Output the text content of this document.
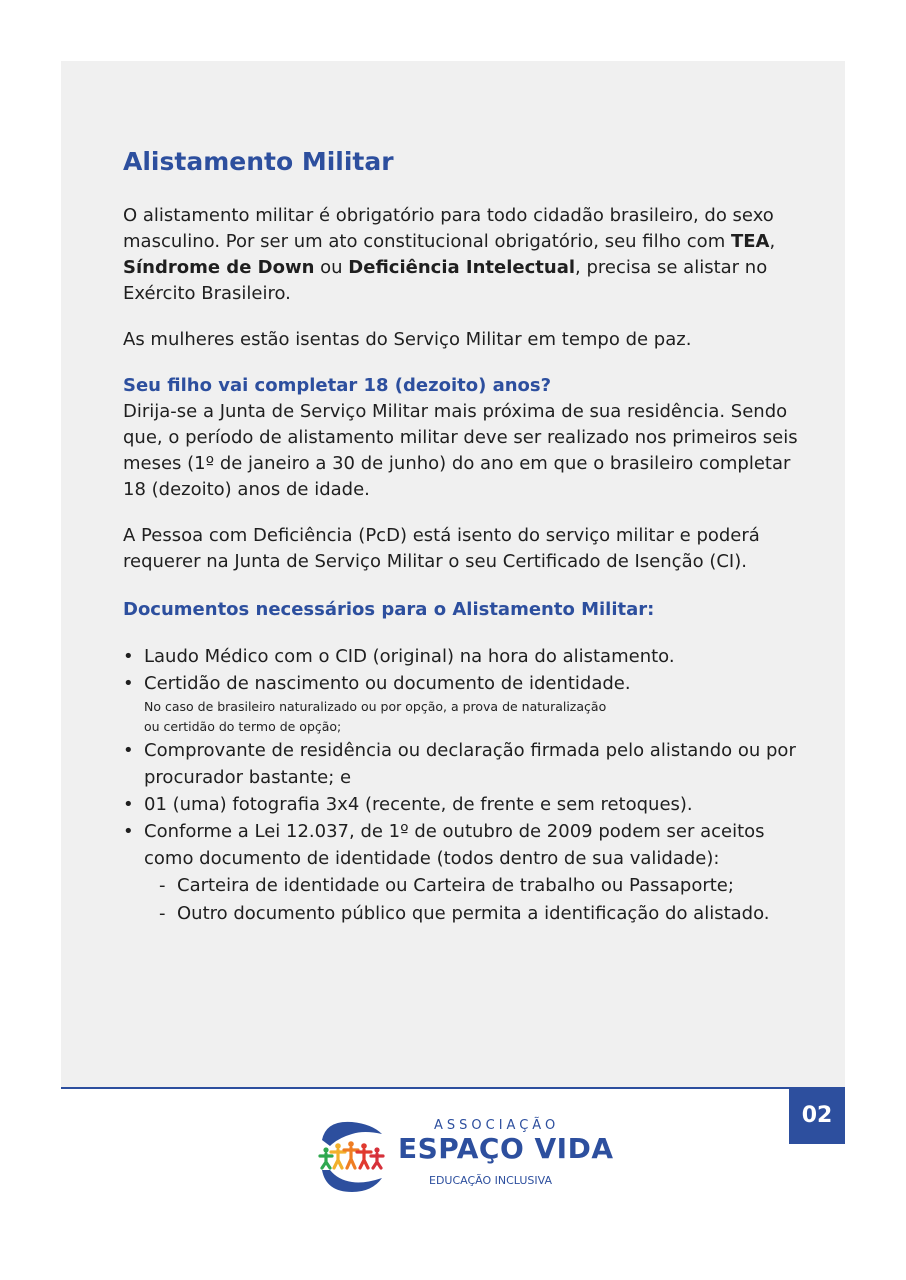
Alistamento Militar

O alistamento militar é obrigatório para todo cidadão brasileiro, do sexo masculino. Por ser um ato constitucional obrigatório, seu filho com TEA, Síndrome de Down ou Deficiência Intelectual, precisa se alistar no Exército Brasileiro.

As mulheres estão isentas do Serviço Militar em tempo de paz.

Seu filho vai completar 18 (dezoito) anos?

Dirija-se a Junta de Serviço Militar mais próxima de sua residência. Sendo que, o período de alistamento militar deve ser realizado nos primeiros seis meses (1º de janeiro a 30 de junho) do ano em que o brasileiro completar 18 (dezoito) anos de idade.

A Pessoa com Deficiência (PcD) está isento do serviço militar e poderá requerer na Junta de Serviço Militar o seu Certificado de Isenção (CI).

Documentos necessários para o Alistamento Militar:
• Laudo Médico com o CID (original) na hora do alistamento.
• Certidão de nascimento ou documento de identidade.
No caso de brasileiro naturalizado ou por opção, a prova de naturalização
ou certidão do termo de opção;
• Comprovante de residência ou declaração firmada pelo alistando ou por procurador bastante; e
• 01 (uma) fotografia 3x4 (recente, de frente e sem retoques).
• Conforme a Lei 12.037, de 1º de outubro de 2009 podem ser aceitos como documento de identidade (todos dentro de sua validade):
- Carteira de identidade ou Carteira de trabalho ou Passaporte;
- Outro documento público que permita a identificação do alistado.
02
ASSOCIAÇÃO
ESPAÇO VIDA
EDUCAÇÃO INCLUSIVA
